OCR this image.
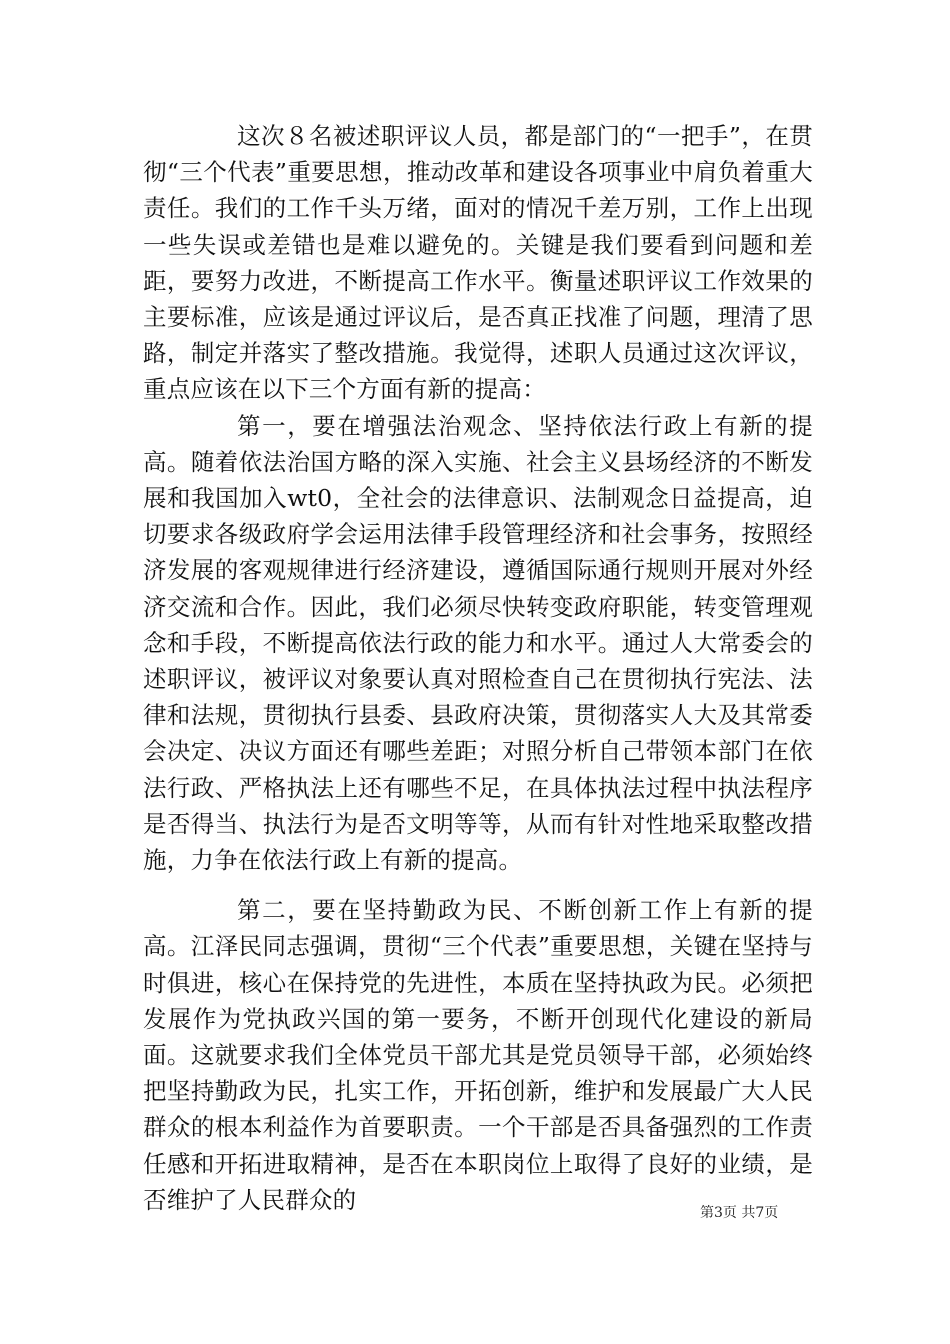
这次８名被述职评议人员，都是部门的“一把手”，在贯彻“三个代表”重要思想，推动改革和建设各项事业中肩负着重大责任。我们的工作千头万绪，面对的情况千差万别，工作上出现一些失误或差错也是难以避免的。关键是我们要看到问题和差距，要努力改进，不断提高工作水平。衡量述职评议工作效果的主要标准，应该是通过评议后，是否真正找准了问题，理清了思路，制定并落实了整改措施。我觉得，述职人员通过这次评议，重点应该在以下三个方面有新的提高：

第一，要在增强法治观念、坚持依法行政上有新的提高。随着依法治国方略的深入实施、社会主义县场经济的不断发展和我国加入wt0，全社会的法律意识、法制观念日益提高，迫切要求各级政府学会运用法律手段管理经济和社会事务，按照经济发展的客观规律进行经济建设，遵循国际通行规则开展对外经济交流和合作。因此，我们必须尽快转变政府职能，转变管理观念和手段，不断提高依法行政的能力和水平。通过人大常委会的述职评议，被评议对象要认真对照检查自己在贯彻执行宪法、法律和法规，贯彻执行县委、县政府决策，贯彻落实人大及其常委会决定、决议方面还有哪些差距；对照分析自己带领本部门在依法行政、严格执法上还有哪些不足，在具体执法过程中执法程序是否得当、执法行为是否文明等等，从而有针对性地采取整改措施，力争在依法行政上有新的提高。

第二，要在坚持勤政为民、不断创新工作上有新的提高。江泽民同志强调，贯彻“三个代表”重要思想，关键在坚持与时俱进，核心在保持党的先进性，本质在坚持执政为民。必须把发展作为党执政兴国的第一要务，不断开创现代化建设的新局面。这就要求我们全体党员干部尤其是党员领导干部，必须始终把坚持勤政为民，扎实工作，开拓创新，维护和发展最广大人民群众的根本利益作为首要职责。一个干部是否具备强烈的工作责任感和开拓进取精神，是否在本职岗位上取得了良好的业绩，是否维护了人民群众的	第3页 共7页
